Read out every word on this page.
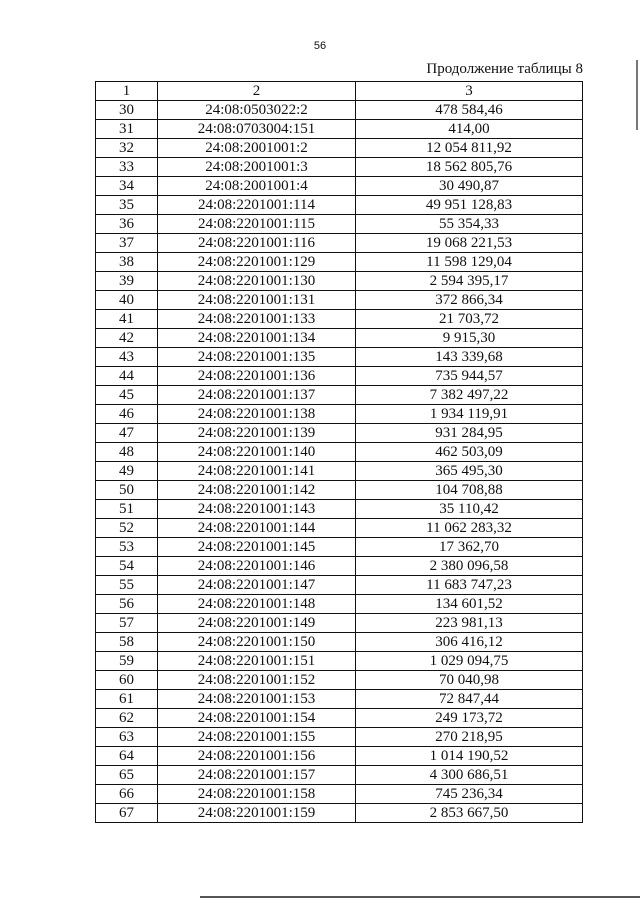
56
Продолжение таблицы 8
1	2	3
30	24:08:0503022:2	478 584,46
31	24:08:0703004:151	414,00
32	24:08:2001001:2	12 054 811,92
33	24:08:2001001:3	18 562 805,76
34	24:08:2001001:4	30 490,87
35	24:08:2201001:114	49 951 128,83
36	24:08:2201001:115	55 354,33
37	24:08:2201001:116	19 068 221,53
38	24:08:2201001:129	11 598 129,04
39	24:08:2201001:130	2 594 395,17
40	24:08:2201001:131	372 866,34
41	24:08:2201001:133	21 703,72
42	24:08:2201001:134	9 915,30
43	24:08:2201001:135	143 339,68
44	24:08:2201001:136	735 944,57
45	24:08:2201001:137	7 382 497,22
46	24:08:2201001:138	1 934 119,91
47	24:08:2201001:139	931 284,95
48	24:08:2201001:140	462 503,09
49	24:08:2201001:141	365 495,30
50	24:08:2201001:142	104 708,88
51	24:08:2201001:143	35 110,42
52	24:08:2201001:144	11 062 283,32
53	24:08:2201001:145	17 362,70
54	24:08:2201001:146	2 380 096,58
55	24:08:2201001:147	11 683 747,23
56	24:08:2201001:148	134 601,52
57	24:08:2201001:149	223 981,13
58	24:08:2201001:150	306 416,12
59	24:08:2201001:151	1 029 094,75
60	24:08:2201001:152	70 040,98
61	24:08:2201001:153	72 847,44
62	24:08:2201001:154	249 173,72
63	24:08:2201001:155	270 218,95
64	24:08:2201001:156	1 014 190,52
65	24:08:2201001:157	4 300 686,51
66	24:08:2201001:158	745 236,34
67	24:08:2201001:159	2 853 667,50
